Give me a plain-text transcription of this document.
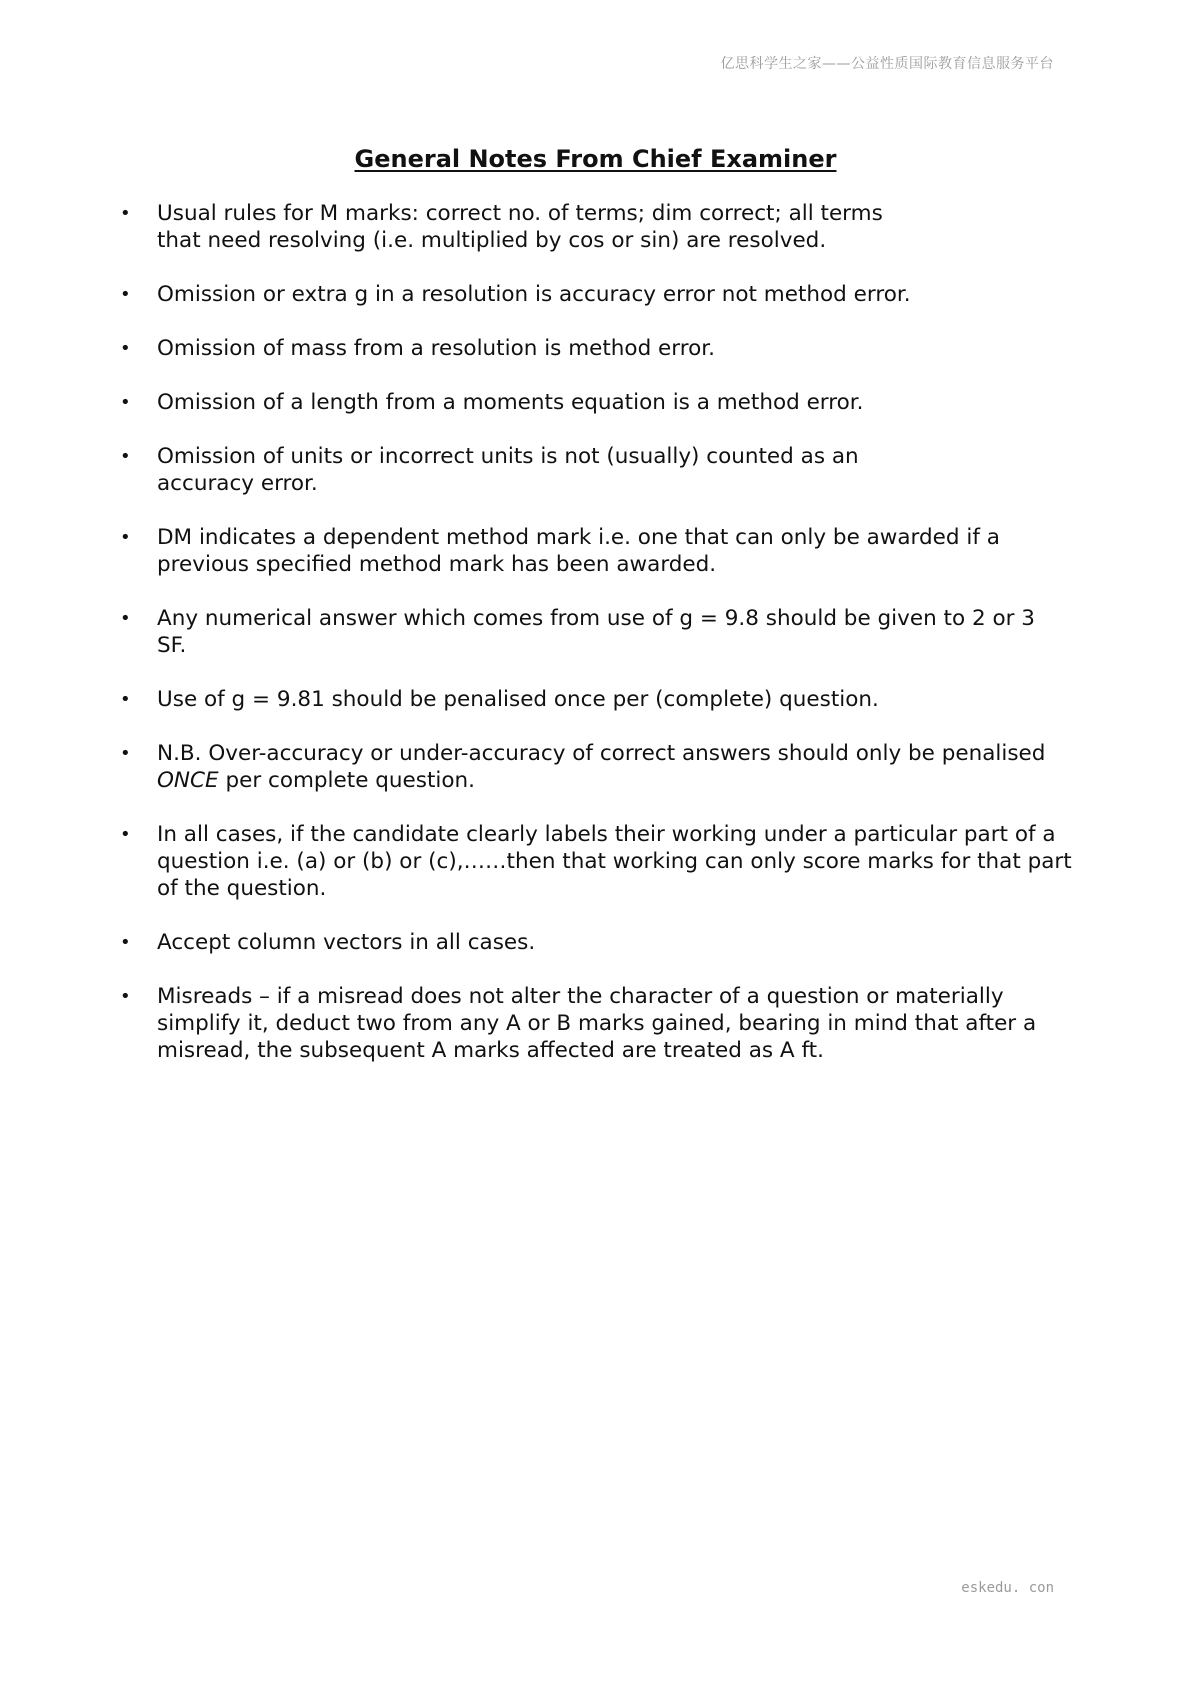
亿思科学生之家——公益性质国际教育信息服务平台
General Notes From Chief Examiner
•	Usual rules for M marks: correct no. of terms; dim correct; all terms
that need resolving (i.e. multiplied by cos or sin) are resolved.
•	Omission or extra g in a resolution is accuracy error not method error.
•	Omission of mass from a resolution is method error.
•	Omission of a length from a moments equation is a method error.
•	Omission of units or incorrect units is not (usually) counted as an
accuracy error.
•	DM indicates a dependent method mark i.e. one that can only be awarded if a
previous specified method mark has been awarded.
•	Any numerical answer which comes from use of g = 9.8 should be given to 2 or 3
SF.
•	Use of g = 9.81 should be penalised once per (complete) question.
•	N.B. Over-accuracy or under-accuracy of correct answers should only be penalised
ONCE per complete question.
•	In all cases, if the candidate clearly labels their working under a particular part of a
question i.e. (a) or (b) or (c),……then that working can only score marks for that part
of the question.
•	Accept column vectors in all cases.
•	Misreads – if a misread does not alter the character of a question or materially
simplify it, deduct two from any A or B marks gained, bearing in mind that after a
misread, the subsequent A marks affected are treated as A ft.
eskedu. con
